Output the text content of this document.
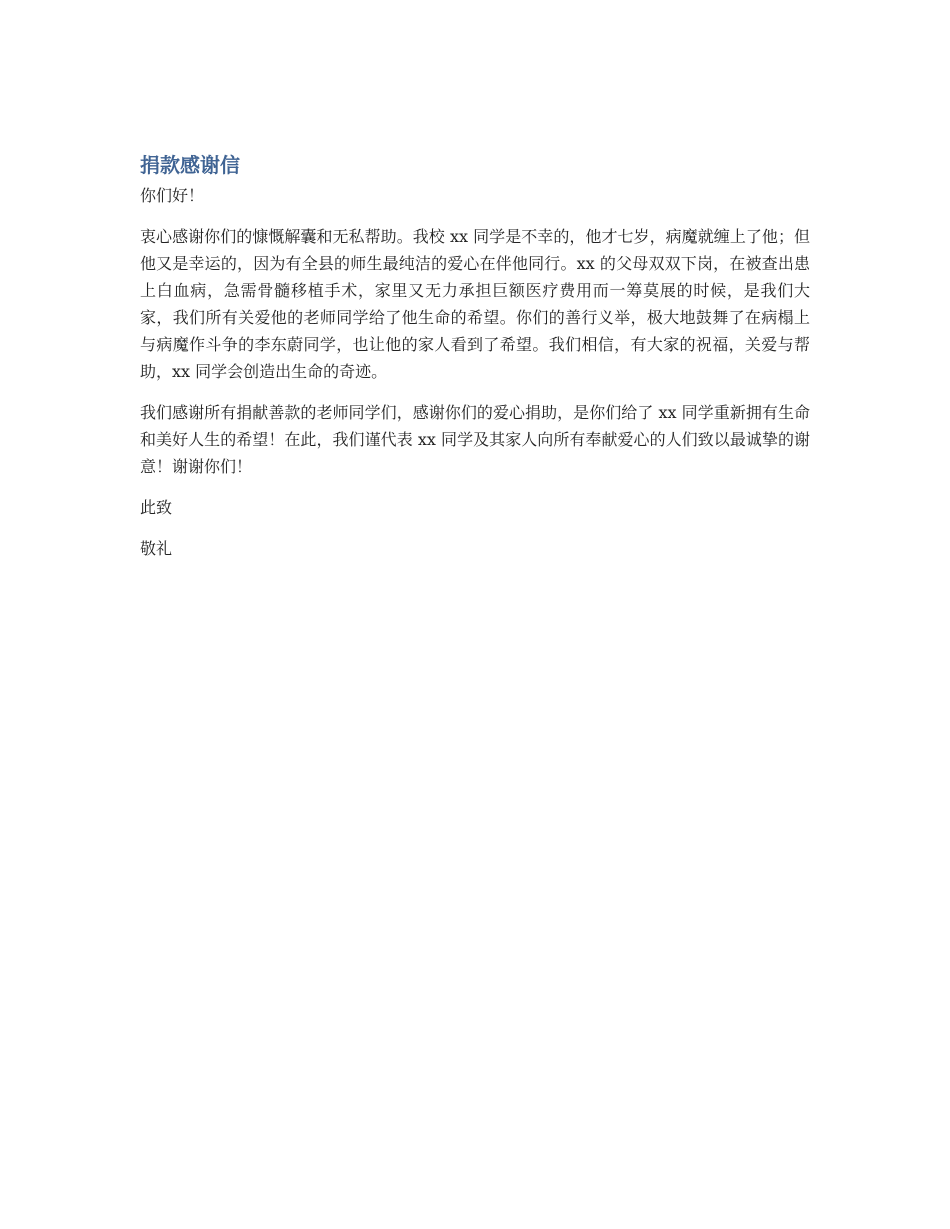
捐款感谢信

你们好！

衷心感谢你们的慷慨解囊和无私帮助。我校 xx 同学是不幸的，他才七岁，病魔就缠上了他；但他又是幸运的，因为有全县的师生最纯洁的爱心在伴他同行。xx 的父母双双下岗，在被查出患上白血病，急需骨髓移植手术，家里又无力承担巨额医疗费用而一筹莫展的时候，是我们大家，我们所有关爱他的老师同学给了他生命的希望。你们的善行义举，极大地鼓舞了在病榻上与病魔作斗争的李东蔚同学，也让他的家人看到了希望。我们相信，有大家的祝福，关爱与帮助，xx 同学会创造出生命的奇迹。

我们感谢所有捐献善款的老师同学们，感谢你们的爱心捐助，是你们给了 xx 同学重新拥有生命和美好人生的希望！在此，我们谨代表 xx 同学及其家人向所有奉献爱心的人们致以最诚挚的谢意！谢谢你们！

此致

敬礼
